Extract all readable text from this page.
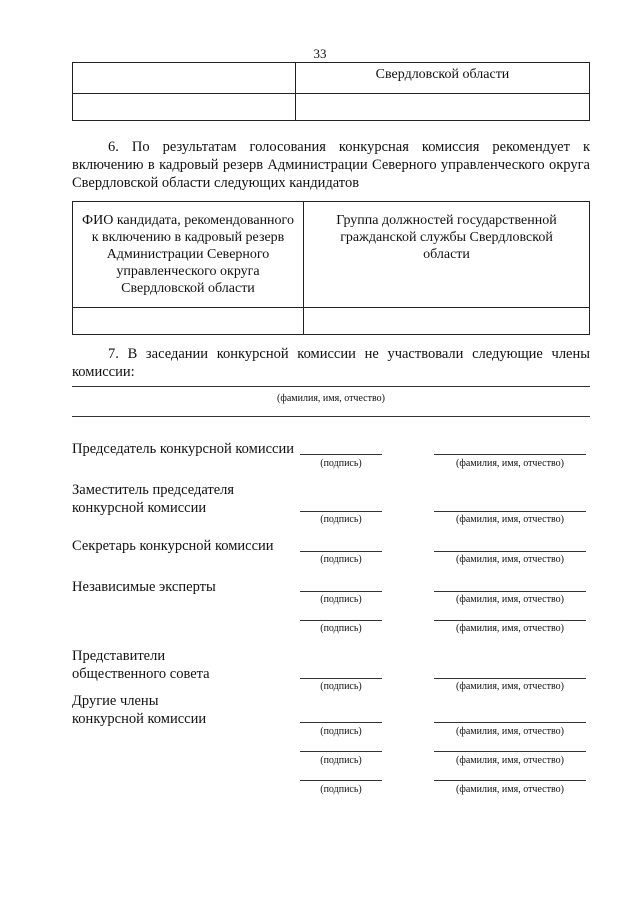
33
	Свердловской области

6. По результатам голосования конкурсная комиссия рекомендует к включению в кадровый резерв Администрации Северного управленческого округа Свердловской области следующих кандидатов
ФИО кандидата, рекомендованного к включению в кадровый резерв Администрации Северного управленческого округа Свердловской области	Группа должностей государственной гражданской службы Свердловской области

7. В заседании конкурсной комиссии не участвовали следующие члены комиссии:
(фамилия, имя, отчество)
Председатель конкурсной комиссии
(подпись)	(фамилия, имя, отчество)
Заместитель председателя конкурсной комиссии
(подпись)	(фамилия, имя, отчество)
Секретарь конкурсной комиссии
(подпись)	(фамилия, имя, отчество)
Независимые эксперты
(подпись)	(фамилия, имя, отчество)
(подпись)	(фамилия, имя, отчество)
Представители общественного совета
(подпись)	(фамилия, имя, отчество)
Другие члены конкурсной комиссии
(подпись)	(фамилия, имя, отчество)
(подпись)	(фамилия, имя, отчество)
(подпись)	(фамилия, имя, отчество)
